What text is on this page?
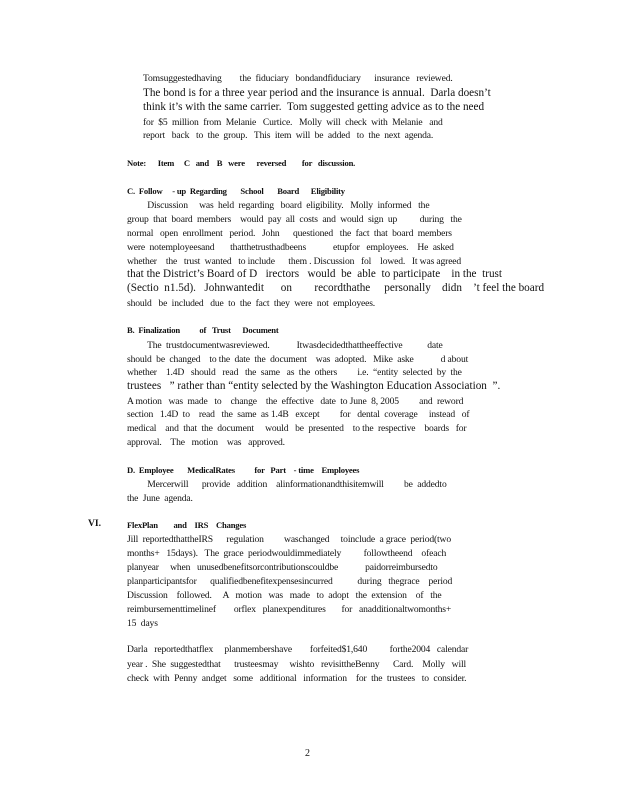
Tomsuggestedhaving        the  fiduciary   bondandfiduciary      insurance   reviewed.
The bond is for a three year period and the insurance is annual.  Darla doesn’t
think it’s with the same carrier.  Tom suggested getting advice as to the need
for  $5  million  from  Melanie   Curtice.   Molly  will  check  with  Melanie   and
report   back   to  the  group.   This  item  will  be  added   to  the  next  agenda.
Note:      Item     C   and    B   were      reversed        for   discussion.
C.  Follow     - up  Regarding       School       Board      Eligibility
Discussion     was  held  regarding   board  eligibility.   Molly  informed   the
group  that  board  members    would  pay  all  costs  and  would  sign  up          during   the
normal   open  enrollment   period.   John      questioned   the  fact  that  board  members
were  notemployeesand       thatthetrusthadbeens            etupfor   employees.    He  asked
whether    the   trust  wanted   to include      them . Discussion   fol    lowed.   It was agreed
that the District’s Board of D   irectors   would  be  able  to participate    in the  trust
(Sectio  n1.5d).   Johnwantedit      on        recordthathe     personally    didn    ’t feel the board
should   be  included   due  to  the  fact  they  were  not  employees.
B.  Finalization          of   Trust      Document
The  trustdocumentwasreviewed.            Itwasdecidedthattheeffective           date
should  be  changed    to the  date  the  document    was  adopted.   Mike  aske            d about
whether    1.4D   should   read   the  same   as  the  others         i.e.  “entity  selected  by  the
trustees   ” rather than “entity selected by the Washington Education Association  ”.
A motion   was  made   to    change    the  effective   date  to June  8, 2005         and  reword
section   1.4D  to    read   the  same  as 1.4B   except         for   dental  coverage     instead   of
medical    and  that  the  document     would   be  presented    to the  respective    boards   for
approval.    The   motion    was   approved.
D.  Employee       MedicalRates          for   Part    - time    Employees
Mercerwill      provide   addition    alinformationandthisitemwill         be  addedto
the  June  agenda.
VI.	FlexPlan        and    IRS    Changes
Jill  reportedthattheIRS      regulation         waschanged     toinclude  a grace  period(two
months+   15days).   The  grace  periodwouldimmediately          followtheend    ofeach
planyear     when   unusedbenefitsorcontributionscouldbe            paidorreimbursedto
planparticipantsfor      qualifiedbenefitexpensesincurred           during   thegrace    period
Discussion    followed.     A   motion   was   made   to  adopt   the  extension    of   the
reimbursementtimelinef        orflex   planexpenditures       for   anadditionaltwomonths+
15  days
Darla   reportedthatflex     planmembershave        forfeited$1,640          forthe2004   calendar
year .  She  suggestedthat      trusteesmay     wishto   revisittheBenny      Card.    Molly   will
check  with  Penny  andget   some   additional   information    for  the  trustees   to  consider.
2
